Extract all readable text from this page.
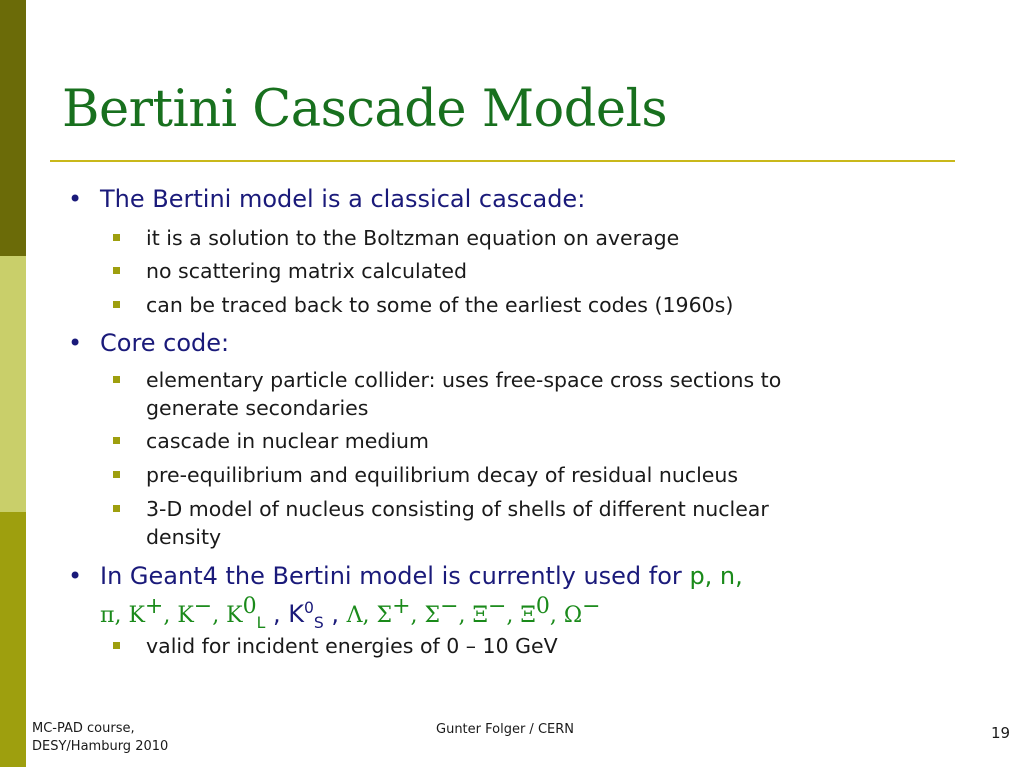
Bertini Cascade Models
• The Bertini model is a classical cascade:
it is a solution to the Boltzman equation on average
no scattering matrix calculated
can be traced back to some of the earliest codes (1960s)
• Core code:
elementary particle collider: uses free-space cross sections to
generate secondaries
cascade in nuclear medium
pre-equilibrium and equilibrium decay of residual nucleus
3-D model of nucleus consisting of shells of different nuclear
density
• In Geant4 the Bertini model is currently used for p, n,
π, K+, K−, $K^0_L$ , $K^0_S$ , Λ, Σ+, Σ−, Ξ−, $\Xi^0$, Ω−
valid for incident energies of 0 – 10 GeV
MC-PAD course,
DESY/Hamburg 2010
Gunter Folger / CERN	19
